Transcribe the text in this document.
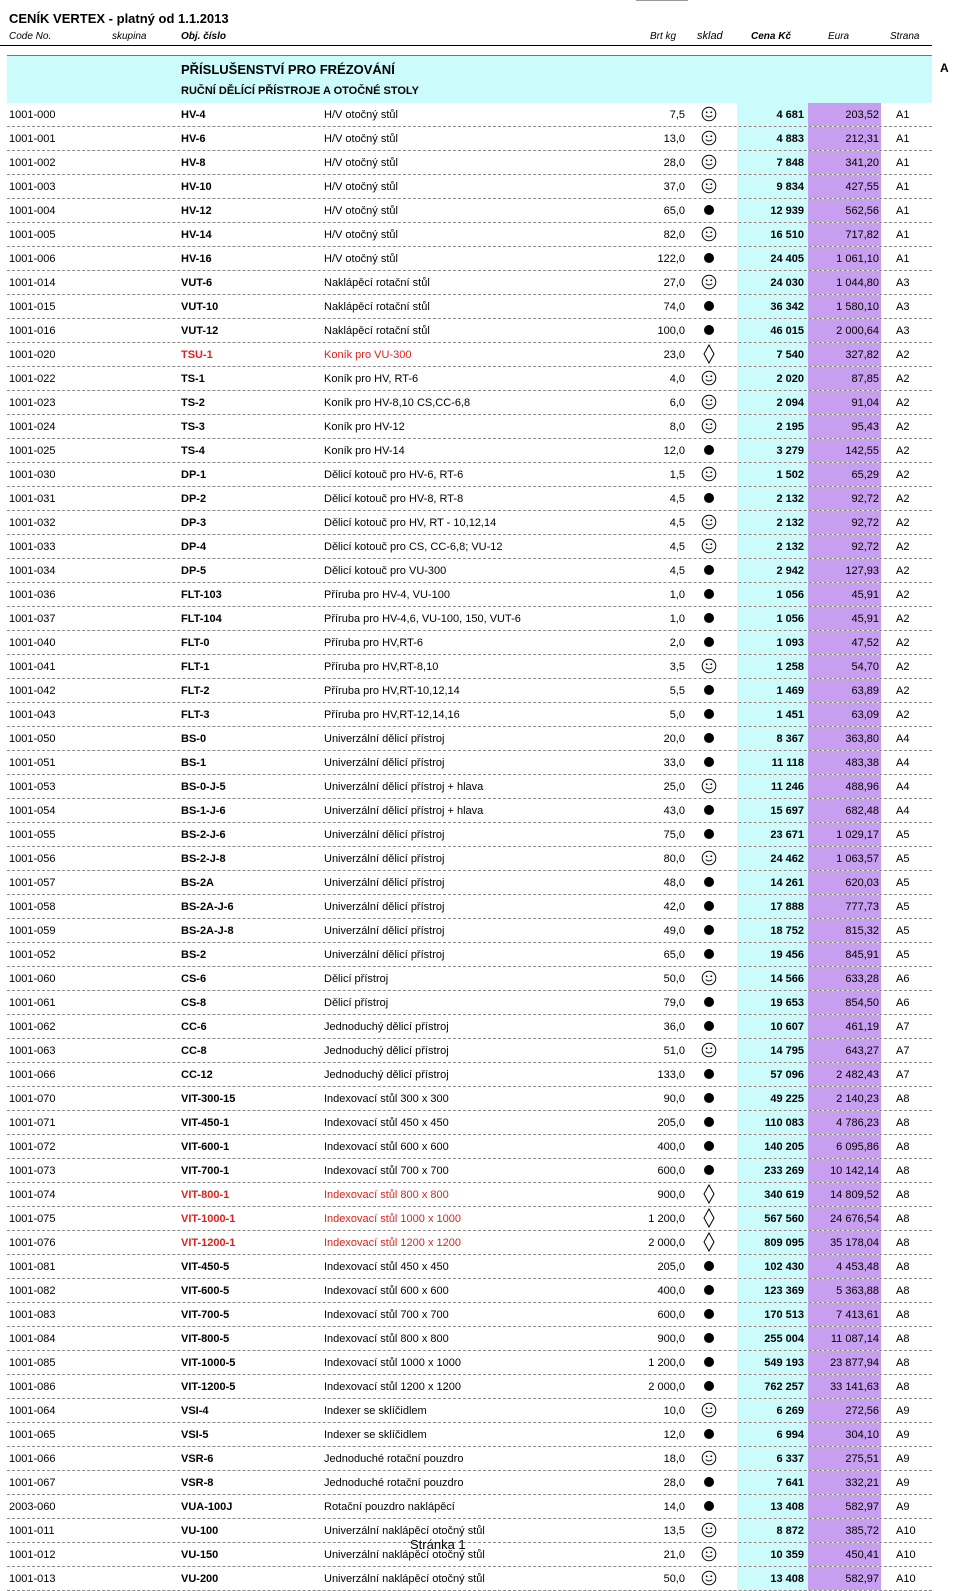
CENÍK VERTEX - platný od 1.1.2013
Code No.	skupina	Obj. číslo	Brt kg sklad	Cena Kč	Eura	Strana
PŘÍSLUŠENSTVÍ PRO FRÉZOVÁNÍ
RUČNÍ DĚLÍCÍ PŘÍSTROJE A OTOČNÉ STOLY
A
1001-000	HV-4	H/V otočný stůl	7,5	4 681	203,52 A1
1001-001	HV-6	H/V otočný stůl	13,0	4 883	212,31 A1
1001-002	HV-8	H/V otočný stůl	28,0	7 848	341,20 A1
1001-003	HV-10	H/V otočný stůl	37,0	9 834	427,55 A1
1001-004	HV-12	H/V otočný stůl	65,0	12 939	562,56 A1
1001-005	HV-14	H/V otočný stůl	82,0	16 510	717,82 A1
1001-006	HV-16	H/V otočný stůl	122,0	24 405	1 061,10 A1
1001-014	VUT-6	Naklápěcí rotační stůl	27,0	24 030	1 044,80 A3
1001-015	VUT-10	Naklápěcí rotační stůl	74,0	36 342	1 580,10 A3
1001-016	VUT-12	Naklápěcí rotační stůl	100,0	46 015	2 000,64 A3
1001-020	TSU-1	Koník pro VU-300	23,0	7 540	327,82 A2
1001-022	TS-1	Koník pro HV, RT-6	4,0	2 020	87,85 A2
1001-023	TS-2	Koník pro HV-8,10 CS,CC-6,8	6,0	2 094	91,04 A2
1001-024	TS-3	Koník pro HV-12	8,0	2 195	95,43 A2
1001-025	TS-4	Koník pro HV-14	12,0	3 279	142,55 A2
1001-030	DP-1	Dělicí kotouč pro HV-6, RT-6	1,5	1 502	65,29 A2
1001-031	DP-2	Dělicí kotouč pro HV-8, RT-8	4,5	2 132	92,72 A2
1001-032	DP-3	Dělicí kotouč pro HV, RT - 10,12,14	4,5	2 132	92,72 A2
1001-033	DP-4	Dělicí kotouč pro CS, CC-6,8; VU-12	4,5	2 132	92,72 A2
1001-034	DP-5	Dělicí kotouč pro VU-300	4,5	2 942	127,93 A2
1001-036	FLT-103	Příruba pro HV-4, VU-100	1,0	1 056	45,91 A2
1001-037	FLT-104	Příruba pro HV-4,6, VU-100, 150, VUT-6	1,0	1 056	45,91 A2
1001-040	FLT-0	Příruba pro HV,RT-6	2,0	1 093	47,52 A2
1001-041	FLT-1	Příruba pro HV,RT-8,10	3,5	1 258	54,70 A2
1001-042	FLT-2	Příruba pro HV,RT-10,12,14	5,5	1 469	63,89 A2
1001-043	FLT-3	Příruba pro HV,RT-12,14,16	5,0	1 451	63,09 A2
1001-050	BS-0	Univerzální dělicí přístroj	20,0	8 367	363,80 A4
1001-051	BS-1	Univerzální dělicí přístroj	33,0	11 118	483,38 A4
1001-053	BS-0-J-5	Univerzální dělicí přístroj + hlava	25,0	11 246	488,96 A4
1001-054	BS-1-J-6	Univerzální dělicí přístroj + hlava	43,0	15 697	682,48 A4
1001-055	BS-2-J-6	Univerzální dělicí přístroj	75,0	23 671	1 029,17 A5
1001-056	BS-2-J-8	Univerzální dělicí přístroj	80,0	24 462	1 063,57 A5
1001-057	BS-2A	Univerzální dělicí přístroj	48,0	14 261	620,03 A5
1001-058	BS-2A-J-6	Univerzální dělicí přístroj	42,0	17 888	777,73 A5
1001-059	BS-2A-J-8	Univerzální dělicí přístroj	49,0	18 752	815,32 A5
1001-052	BS-2	Univerzální dělicí přístroj	65,0	19 456	845,91 A5
1001-060	CS-6	Dělicí přístroj	50,0	14 566	633,28 A6
1001-061	CS-8	Dělicí přístroj	79,0	19 653	854,50 A6
1001-062	CC-6	Jednoduchý dělicí přístroj	36,0	10 607	461,19 A7
1001-063	CC-8	Jednoduchý dělicí přístroj	51,0	14 795	643,27 A7
1001-066	CC-12	Jednoduchý dělicí přístroj	133,0	57 096	2 482,43 A7
1001-070	VIT-300-15	Indexovací stůl 300 x 300	90,0	49 225	2 140,23 A8
1001-071	VIT-450-1	Indexovací stůl 450 x 450	205,0	110 083	4 786,23 A8
1001-072	VIT-600-1	Indexovací stůl 600 x 600	400,0	140 205	6 095,86 A8
1001-073	VIT-700-1	Indexovací stůl 700 x 700	600,0	233 269	10 142,14 A8
1001-074	VIT-800-1	Indexovací stůl 800 x 800	900,0	340 619	14 809,52 A8
1001-075	VIT-1000-1	Indexovací stůl 1000 x 1000	1 200,0	567 560	24 676,54 A8
1001-076	VIT-1200-1	Indexovací stůl 1200 x 1200	2 000,0	809 095	35 178,04 A8
1001-081	VIT-450-5	Indexovací stůl 450 x 450	205,0	102 430	4 453,48 A8
1001-082	VIT-600-5	Indexovací stůl 600 x 600	400,0	123 369	5 363,88 A8
1001-083	VIT-700-5	Indexovací stůl 700 x 700	600,0	170 513	7 413,61 A8
1001-084	VIT-800-5	Indexovací stůl 800 x 800	900,0	255 004	11 087,14 A8
1001-085	VIT-1000-5	Indexovací stůl 1000 x 1000	1 200,0	549 193	23 877,94 A8
1001-086	VIT-1200-5	Indexovací stůl 1200 x 1200	2 000,0	762 257	33 141,63 A8
1001-064	VSI-4	Indexer se sklíčidlem	10,0	6 269	272,56 A9
1001-065	VSI-5	Indexer se sklíčidlem	12,0	6 994	304,10 A9
1001-066	VSR-6	Jednoduché rotační pouzdro	18,0	6 337	275,51 A9
1001-067	VSR-8	Jednoduché rotační pouzdro	28,0	7 641	332,21 A9
2003-060	VUA-100J	Rotační pouzdro naklápěcí	14,0	13 408	582,97 A9
1001-011	VU-100	Univerzální naklápěcí otočný stůl	13,5	8 872	385,72 A10
1001-012	VU-150	Univerzální naklápěcí otočný stůl	21,0	10 359	450,41 A10
1001-013	VU-200	Univerzální naklápěcí otočný stůl	50,0	13 408	582,97 A10
Stránka 1
